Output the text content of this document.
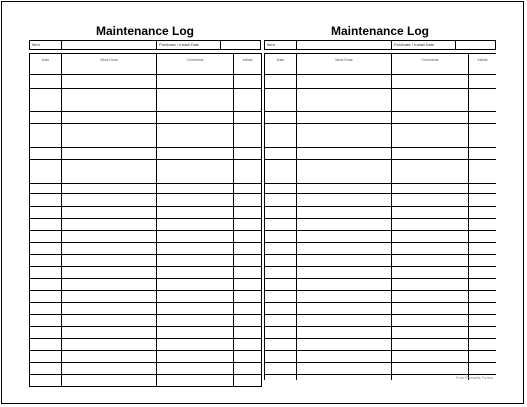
Maintenance Log
Item	Purchase / Install Date
Date	Work Done	Comments	Initials

Maintenance Log
Item	Purchase / Install Date
Date	Work Done	Comments	Initials

Free Printable Forms
